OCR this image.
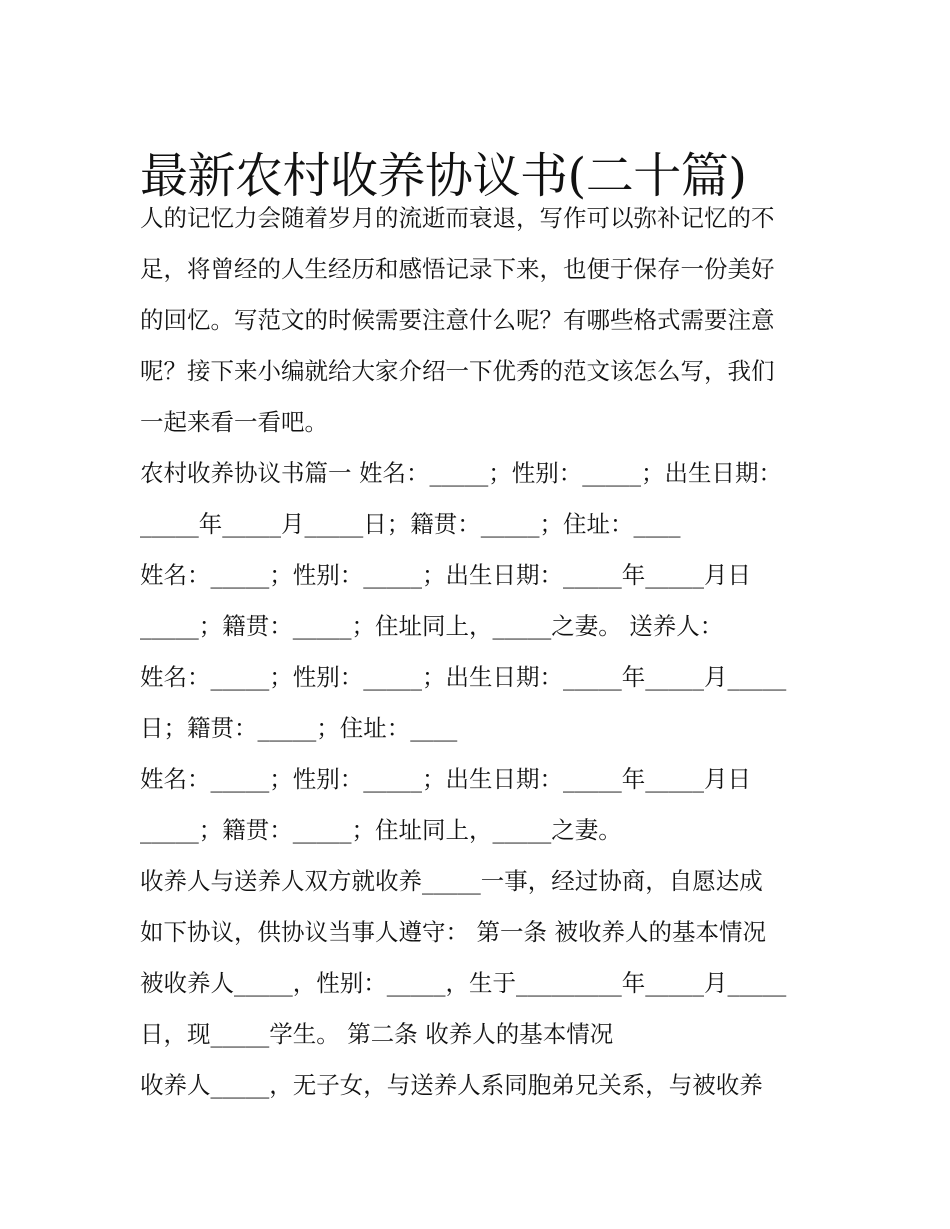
最新农村收养协议书(二十篇)

人的记忆力会随着岁月的流逝而衰退，写作可以弥补记忆的不

足，将曾经的人生经历和感悟记录下来，也便于保存一份美好

的回忆。写范文的时候需要注意什么呢？有哪些格式需要注意

呢？接下来小编就给大家介绍一下优秀的范文该怎么写，我们

一起来看一看吧。

农村收养协议书篇一 姓名：_____；性别：_____；出生日期：

_____年_____月_____日；籍贯：_____；住址：____

姓名：_____；性别：_____；出生日期：_____年_____月日

_____；籍贯：_____；住址同上，_____之妻。 送养人：

姓名：_____；性别：_____；出生日期：_____年_____月_____

日；籍贯：_____；住址：____

姓名：_____；性别：_____；出生日期：_____年_____月日

_____；籍贯：_____；住址同上，_____之妻。

收养人与送养人双方就收养_____一事，经过协商，自愿达成

如下协议，供协议当事人遵守： 第一条 被收养人的基本情况

被收养人_____，性别：_____，生于_________年_____月_____

日，现_____学生。 第二条 收养人的基本情况

收养人_____，无子女，与送养人系同胞弟兄关系，与被收养
